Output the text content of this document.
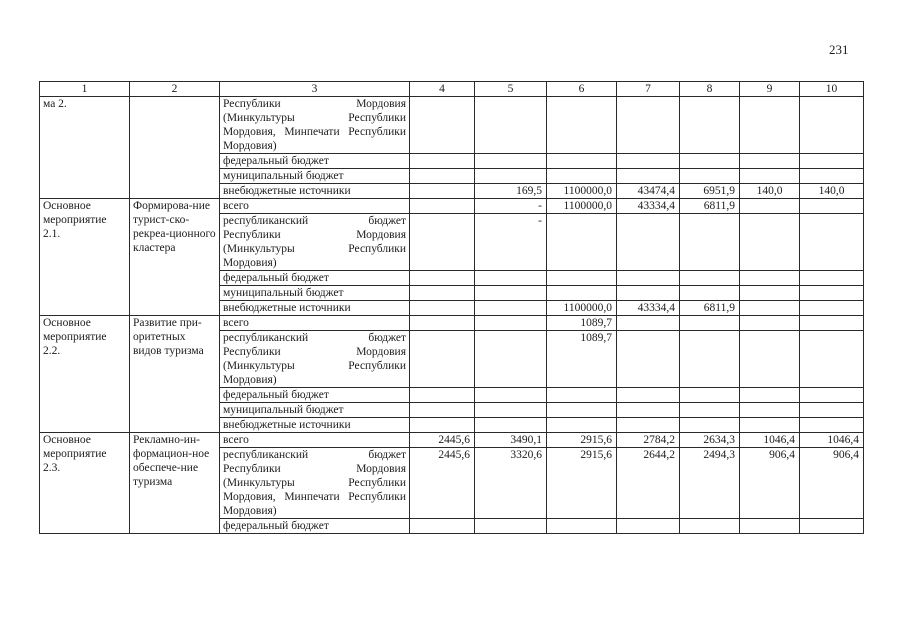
231
1	2	3	4	5	6	7	8	9	10
ма 2.		Республики Мордовия (Минкультуры Республики Мордовия, Минпечати Республики Мордовия)							
		федеральный бюджет							
		муниципальный бюджет							
		внебюджетные источники		169,5	1100000,0	43474,4	6951,9	140,0	140,0
Основное мероприятие 2.1.	Формирова-ние турист-ско- рекреа-ционного кластера	всего		-	1100000,0	43334,4	6811,9		
		республиканский бюджет Республики Мордовия (Минкультуры Республики Мордовия)		-					
		федеральный бюджет							
		муниципальный бюджет							
		внебюджетные источники			1100000,0	43334,4	6811,9		
Основное мероприятие 2.2.	Развитие при-оритетных видов туризма	всего			1089,7				
		республиканский бюджет Республики Мордовия (Минкультуры Республики Мордовия)			1089,7				
		федеральный бюджет							
		муниципальный бюджет							
		внебюджетные источники							
Основное мероприятие 2.3.	Рекламно-ин-формацион-ное обеспече-ние туризма	всего	2445,6	3490,1	2915,6	2784,2	2634,3	1046,4	1046,4
		республиканский бюджет Республики Мордовия (Минкультуры Республики Мордовия, Минпечати Республики Мордовия)	2445,6	3320,6	2915,6	2644,2	2494,3	906,4	906,4
		федеральный бюджет							
